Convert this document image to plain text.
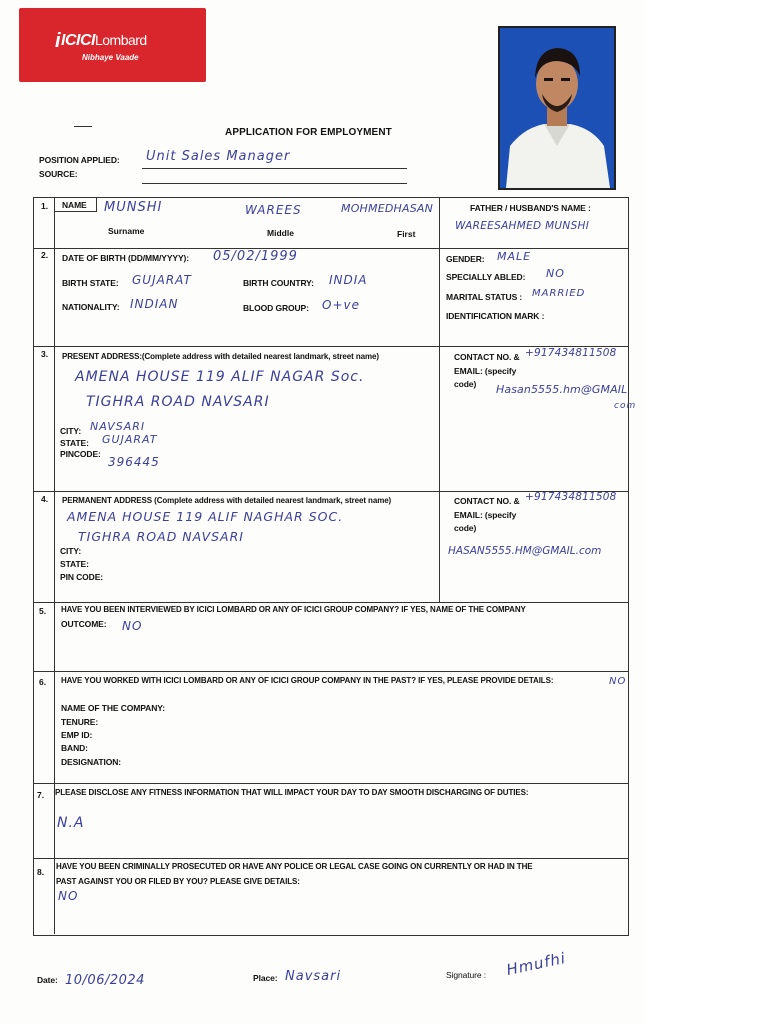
i ICICILombard
Nibhaye Vaade
APPLICATION FOR EMPLOYMENT
POSITION APPLIED: Unit Sales Manager
SOURCE:
1. NAME MUNSHI	WAREES	MOHMEDHASAN
Surname	Middle	First
FATHER / HUSBAND'S NAME :
WAREESAHMED MUNSHI
2. DATE OF BIRTH (DD/MM/YYYY): 05/02/1999
BIRTH STATE: GUJARAT	BIRTH COUNTRY: INDIA
NATIONALITY: INDIAN	BLOOD GROUP: O+ve
GENDER: MALE
SPECIALLY ABLED: NO
MARITAL STATUS : MARRIED
IDENTIFICATION MARK :
3. PRESENT ADDRESS:(Complete address with detailed nearest landmark, street name)
AMENA HOUSE 119 ALIF NAGAR Soc.
TIGHRA ROAD NAVSARI
CITY: NAVSARI
STATE: GUJARAT
PINCODE:
396445
CONTACT NO. & +917434811508
EMAIL: (specify
code) Hasan5555.hm@GMAIL
com
4. PERMANENT ADDRESS (Complete address with detailed nearest landmark, street name)
AMENA HOUSE 119 ALIF NAGHAR SOC.
TIGHRA ROAD NAVSARI
CITY:
STATE:
PIN CODE:
CONTACT NO. & +917434811508
EMAIL: (specify
code)
HASAN5555.HM@GMAIL.com
5. HAVE YOU BEEN INTERVIEWED BY ICICI LOMBARD OR ANY OF ICICI GROUP COMPANY? IF YES, NAME OF THE COMPANY
OUTCOME: NO
6. HAVE YOU WORKED WITH ICICI LOMBARD OR ANY OF ICICI GROUP COMPANY IN THE PAST? IF YES, PLEASE PROVIDE DETAILS:	NO
NAME OF THE COMPANY:
TENURE:
EMP ID:
BAND:
DESIGNATION:
7. PLEASE DISCLOSE ANY FITNESS INFORMATION THAT WILL IMPACT YOUR DAY TO DAY SMOOTH DISCHARGING OF DUTIES:
N.A
8.
HAVE YOU BEEN CRIMINALLY PROSECUTED OR HAVE ANY POLICE OR LEGAL CASE GOING ON CURRENTLY OR HAD IN THE
PAST AGAINST YOU OR FILED BY YOU? PLEASE GIVE DETAILS:
NO
Date: 10/06/2024	Place: Navsari	Signature : Hmufhi
